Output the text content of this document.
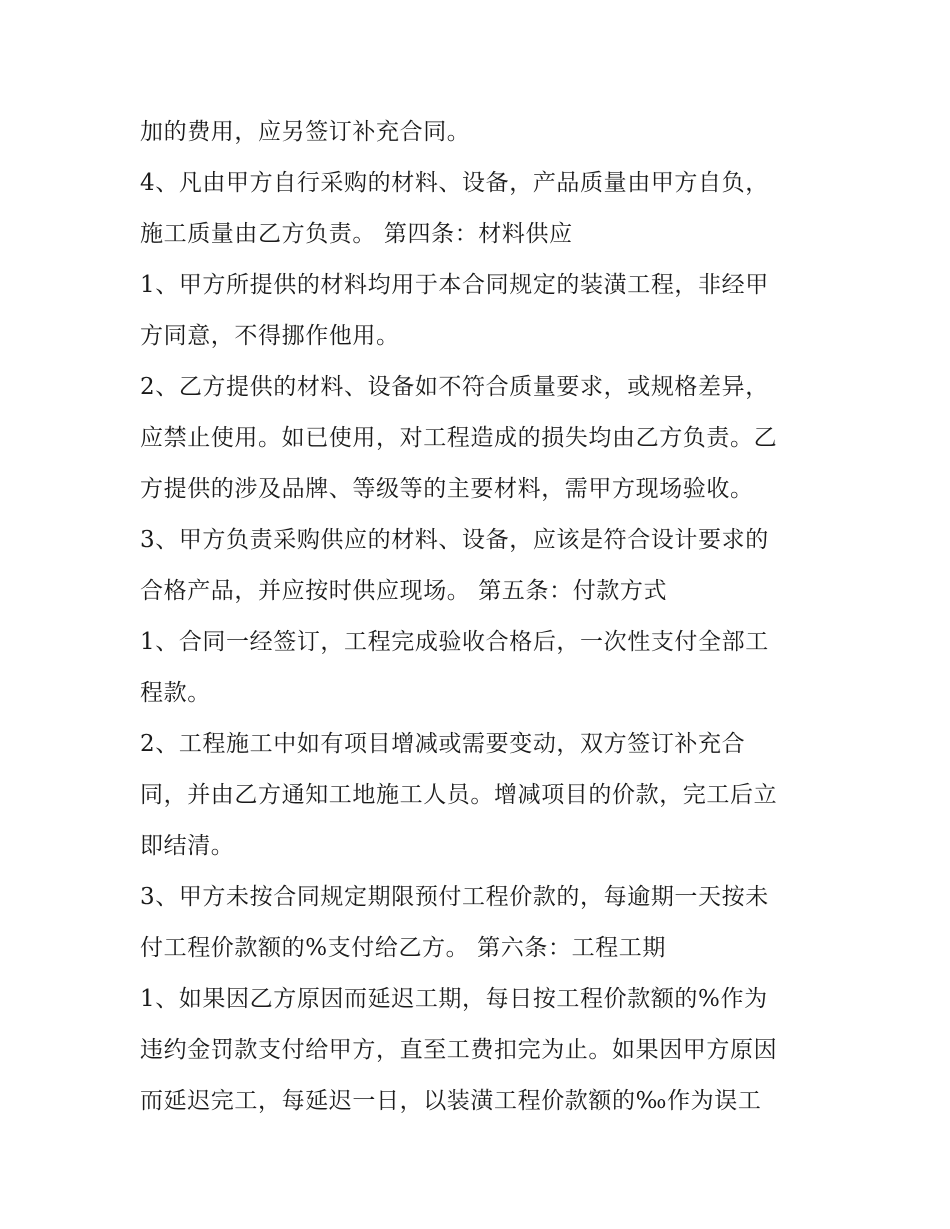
加的费用，应另签订补充合同。
4、凡由甲方自行采购的材料、设备，产品质量由甲方自负，
施工质量由乙方负责。 第四条：材料供应
1、甲方所提供的材料均用于本合同规定的装潢工程，非经甲
方同意，不得挪作他用。
2、乙方提供的材料、设备如不符合质量要求，或规格差异，
应禁止使用。如已使用，对工程造成的损失均由乙方负责。乙
方提供的涉及品牌、等级等的主要材料，需甲方现场验收。
3、甲方负责采购供应的材料、设备，应该是符合设计要求的
合格产品，并应按时供应现场。 第五条：付款方式
1、合同一经签订，工程完成验收合格后，一次性支付全部工
程款。
2、工程施工中如有项目增减或需要变动，双方签订补充合
同，并由乙方通知工地施工人员。增减项目的价款，完工后立
即结清。
3、甲方未按合同规定期限预付工程价款的，每逾期一天按未
付工程价款额的%支付给乙方。 第六条：工程工期
1、如果因乙方原因而延迟工期，每日按工程价款额的%作为
违约金罚款支付给甲方，直至工费扣完为止。如果因甲方原因
而延迟完工，每延迟一日，以装潢工程价款额的‰作为误工
